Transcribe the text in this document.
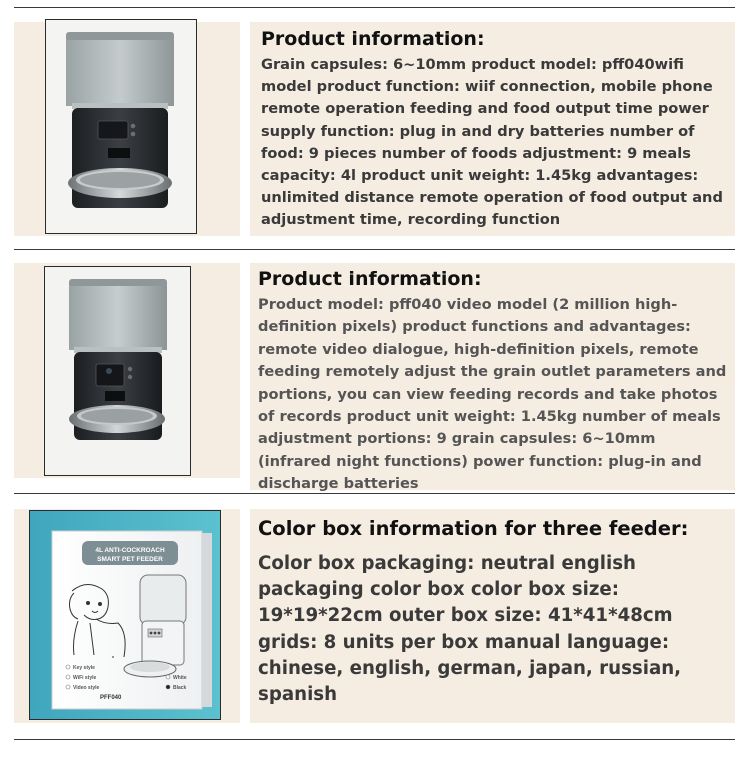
Product information:
Grain capsules: 6~10mm product model: pff040wifi model product function: wiif connection, mobile phone remote operation feeding and food output time power supply function: plug in and dry batteries number of food: 9 pieces number of foods adjustment: 9 meals capacity: 4l product unit weight: 1.45kg advantages: unlimited distance remote operation of food output and adjustment time, recording function
Product information:
Product model: pff040 video model (2 million high-definition pixels) product functions and advantages: remote video dialogue, high-definition pixels, remote feeding remotely adjust the grain outlet parameters and portions, you can view feeding records and take photos of records product unit weight: 1.45kg number of meals adjustment portions: 9 grain capsules: 6~10mm (infrared night functions) power function: plug-in and discharge batteries
4L ANTI-COCKROACH
SMART PET FEEDER
Key style
WiFi style
Video style
White
Black
PFF040
Color box information for three feeder:
Color box packaging: neutral english packaging color box color box size: 19*19*22cm outer box size: 41*41*48cm grids: 8 units per box manual language: chinese, english, german, japan, russian, spanish
